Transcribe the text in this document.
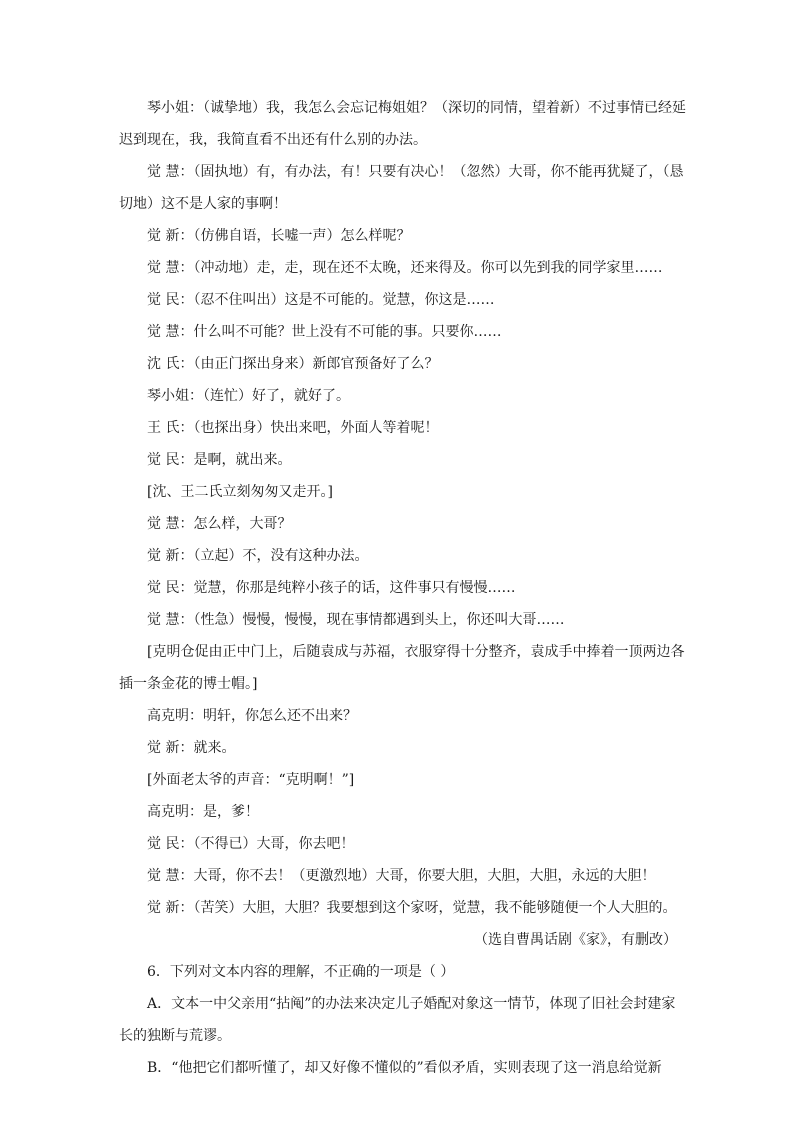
琴小姐：（诚挚地）我，我怎么会忘记梅姐姐？（深切的同情，望着新）不过事情已经延迟到现在，我，我简直看不出还有什么别的办法。

觉 慧：（固执地）有，有办法，有！只要有决心！（忽然）大哥，你不能再犹疑了，（恳切地）这不是人家的事啊！

觉 新：（仿佛自语，长嘘一声）怎么样呢？

觉 慧：（冲动地）走，走，现在还不太晚，还来得及。你可以先到我的同学家里……

觉 民：（忍不住叫出）这是不可能的。觉慧，你这是……

觉 慧：什么叫不可能？世上没有不可能的事。只要你……

沈 氏：（由正门探出身来）新郎官预备好了么？

琴小姐：（连忙）好了，就好了。

王 氏：（也探出身）快出来吧，外面人等着呢！

觉 民：是啊，就出来。

[沈、王二氏立刻匆匆又走开。]

觉 慧：怎么样，大哥？

觉 新：（立起）不，没有这种办法。

觉 民：觉慧，你那是纯粹小孩子的话，这件事只有慢慢……

觉 慧：（性急）慢慢，慢慢，现在事情都遇到头上，你还叫大哥……

[克明仓促由正中门上，后随袁成与苏福，衣服穿得十分整齐，袁成手中捧着一顶两边各插一条金花的博士帽。]

高克明：明轩，你怎么还不出来？

觉 新：就来。

[外面老太爷的声音：“克明啊！”]

高克明：是，爹！

觉 民：（不得已）大哥，你去吧！

觉 慧：大哥，你不去！（更激烈地）大哥，你要大胆，大胆，大胆，永远的大胆！

觉 新：（苦笑）大胆，大胆？我要想到这个家呀，觉慧，我不能够随便一个人大胆的。

（选自曹禺话剧《家》，有删改）

6．下列对文本内容的理解，不正确的一项是（ ）

A．文本一中父亲用“拈阄”的办法来决定儿子婚配对象这一情节，体现了旧社会封建家长的独断与荒谬。

B．“他把它们都听懂了，却又好像不懂似的”看似矛盾，实则表现了这一消息给觉新
